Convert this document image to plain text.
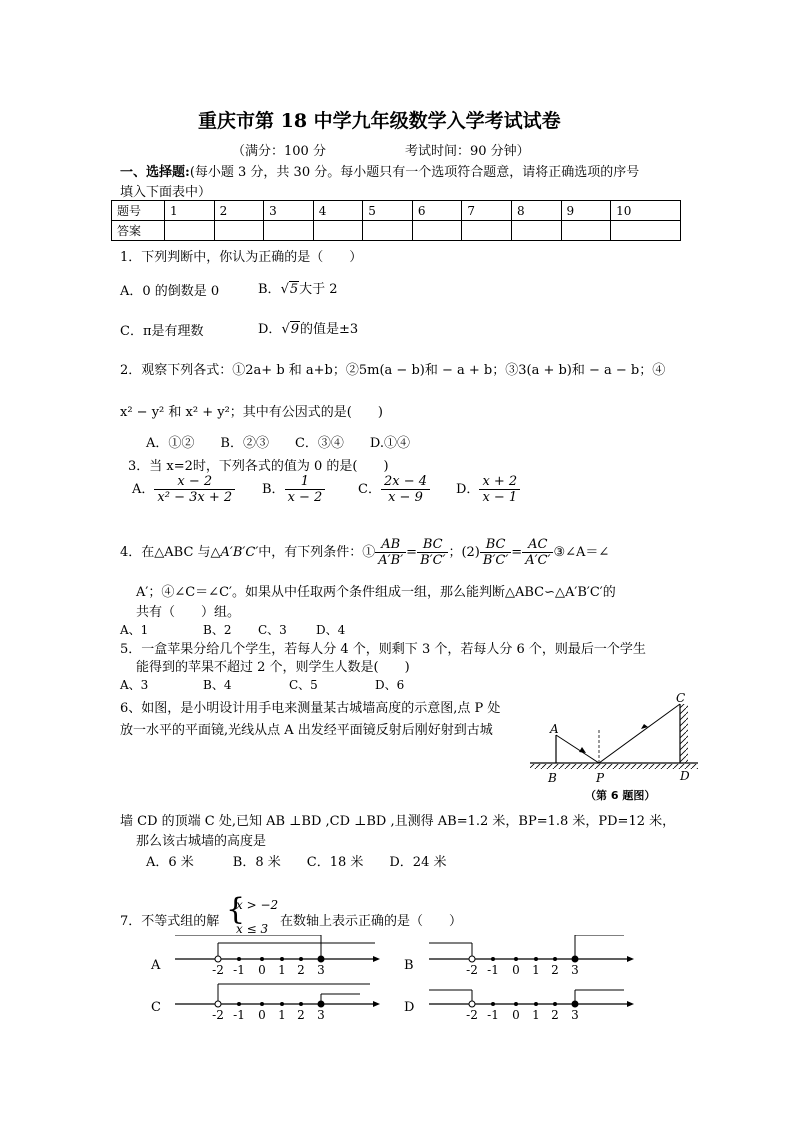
重庆市第 18 中学九年级数学入学考试试卷
（满分：100 分	考试时间：90 分钟）
一、选择题:(每小题 3 分，共 30 分。每小题只有一个选项符合题意，请将正确选项的序号
填入下面表中）
题号	1	2	3	4	5	6	7	8	9	10
答案										
1．下列判断中，你认为正确的是（　　）
A．0 的倒数是 0	B．√5大于 2
C．π是有理数	D．√9的值是±3
2．观察下列各式：①2a+ b 和 a+b；②5m(a − b)和 − a + b；③3(a + b)和 − a − b；④
x² − y² 和 x² + y²；其中有公因式的是(　　)
A．①②　　B．②③　　C．③④　　D.①④
3．当 x=2时，下列各式的值为 0 的是(　　)
A． $\frac{x - 2}{\text{x² − 3x + 2}}$ B． $\frac{1}{x - 2}$	C． $\frac{2x - 4}{x - 9}$ D． $\frac{x + 2}{x - 1}$
4．在△ABC 与△A′B′C′中，有下列条件：① $\frac{AB}{A'B'} = \frac{BC}{B'C'}$ ；$(2) \frac{BC}{B'C'} = \frac{AC}{A'C'}$ ③∠A＝∠
A′；④∠C＝∠C′。如果从中任取两个条件组成一组，那么能判断△ABC∽△A′B′C′的
共有（　　）组。
A、1	B、2 C、3 D、4
5．一盒苹果分给几个学生，若每人分 4 个，则剩下 3 个，若每人分 6 个，则最后一个学生
能得到的苹果不超过 2 个，则学生人数是(　　)
A、3	B、4	C、5	D、6
6、如图，是小明设计用手电来测量某古城墙高度的示意图,点 P 处
放一水平的平面镜,光线从点 A 出发经平面镜反射后刚好射到古城
墙 CD 的顶端 C 处,已知 AB ⊥BD ,CD ⊥BD ,且测得 AB=1.2 米，BP=1.8 米，PD=12 米，
那么该古城墙的高度是
A．6 米　　　B．8 米　　C．18 米　　D．24 米
A
B	P
C
D
（第 6 题图）
7．不等式组的解 {
x > −2
x ≤ 3 在数轴上表示正确的是（　　）
A	B
C	D
-2 -1 0 1 2 3	-2 -1 0 1 2 3
-2 -1 0 1 2 3	-2 -1 0 1 2 3
